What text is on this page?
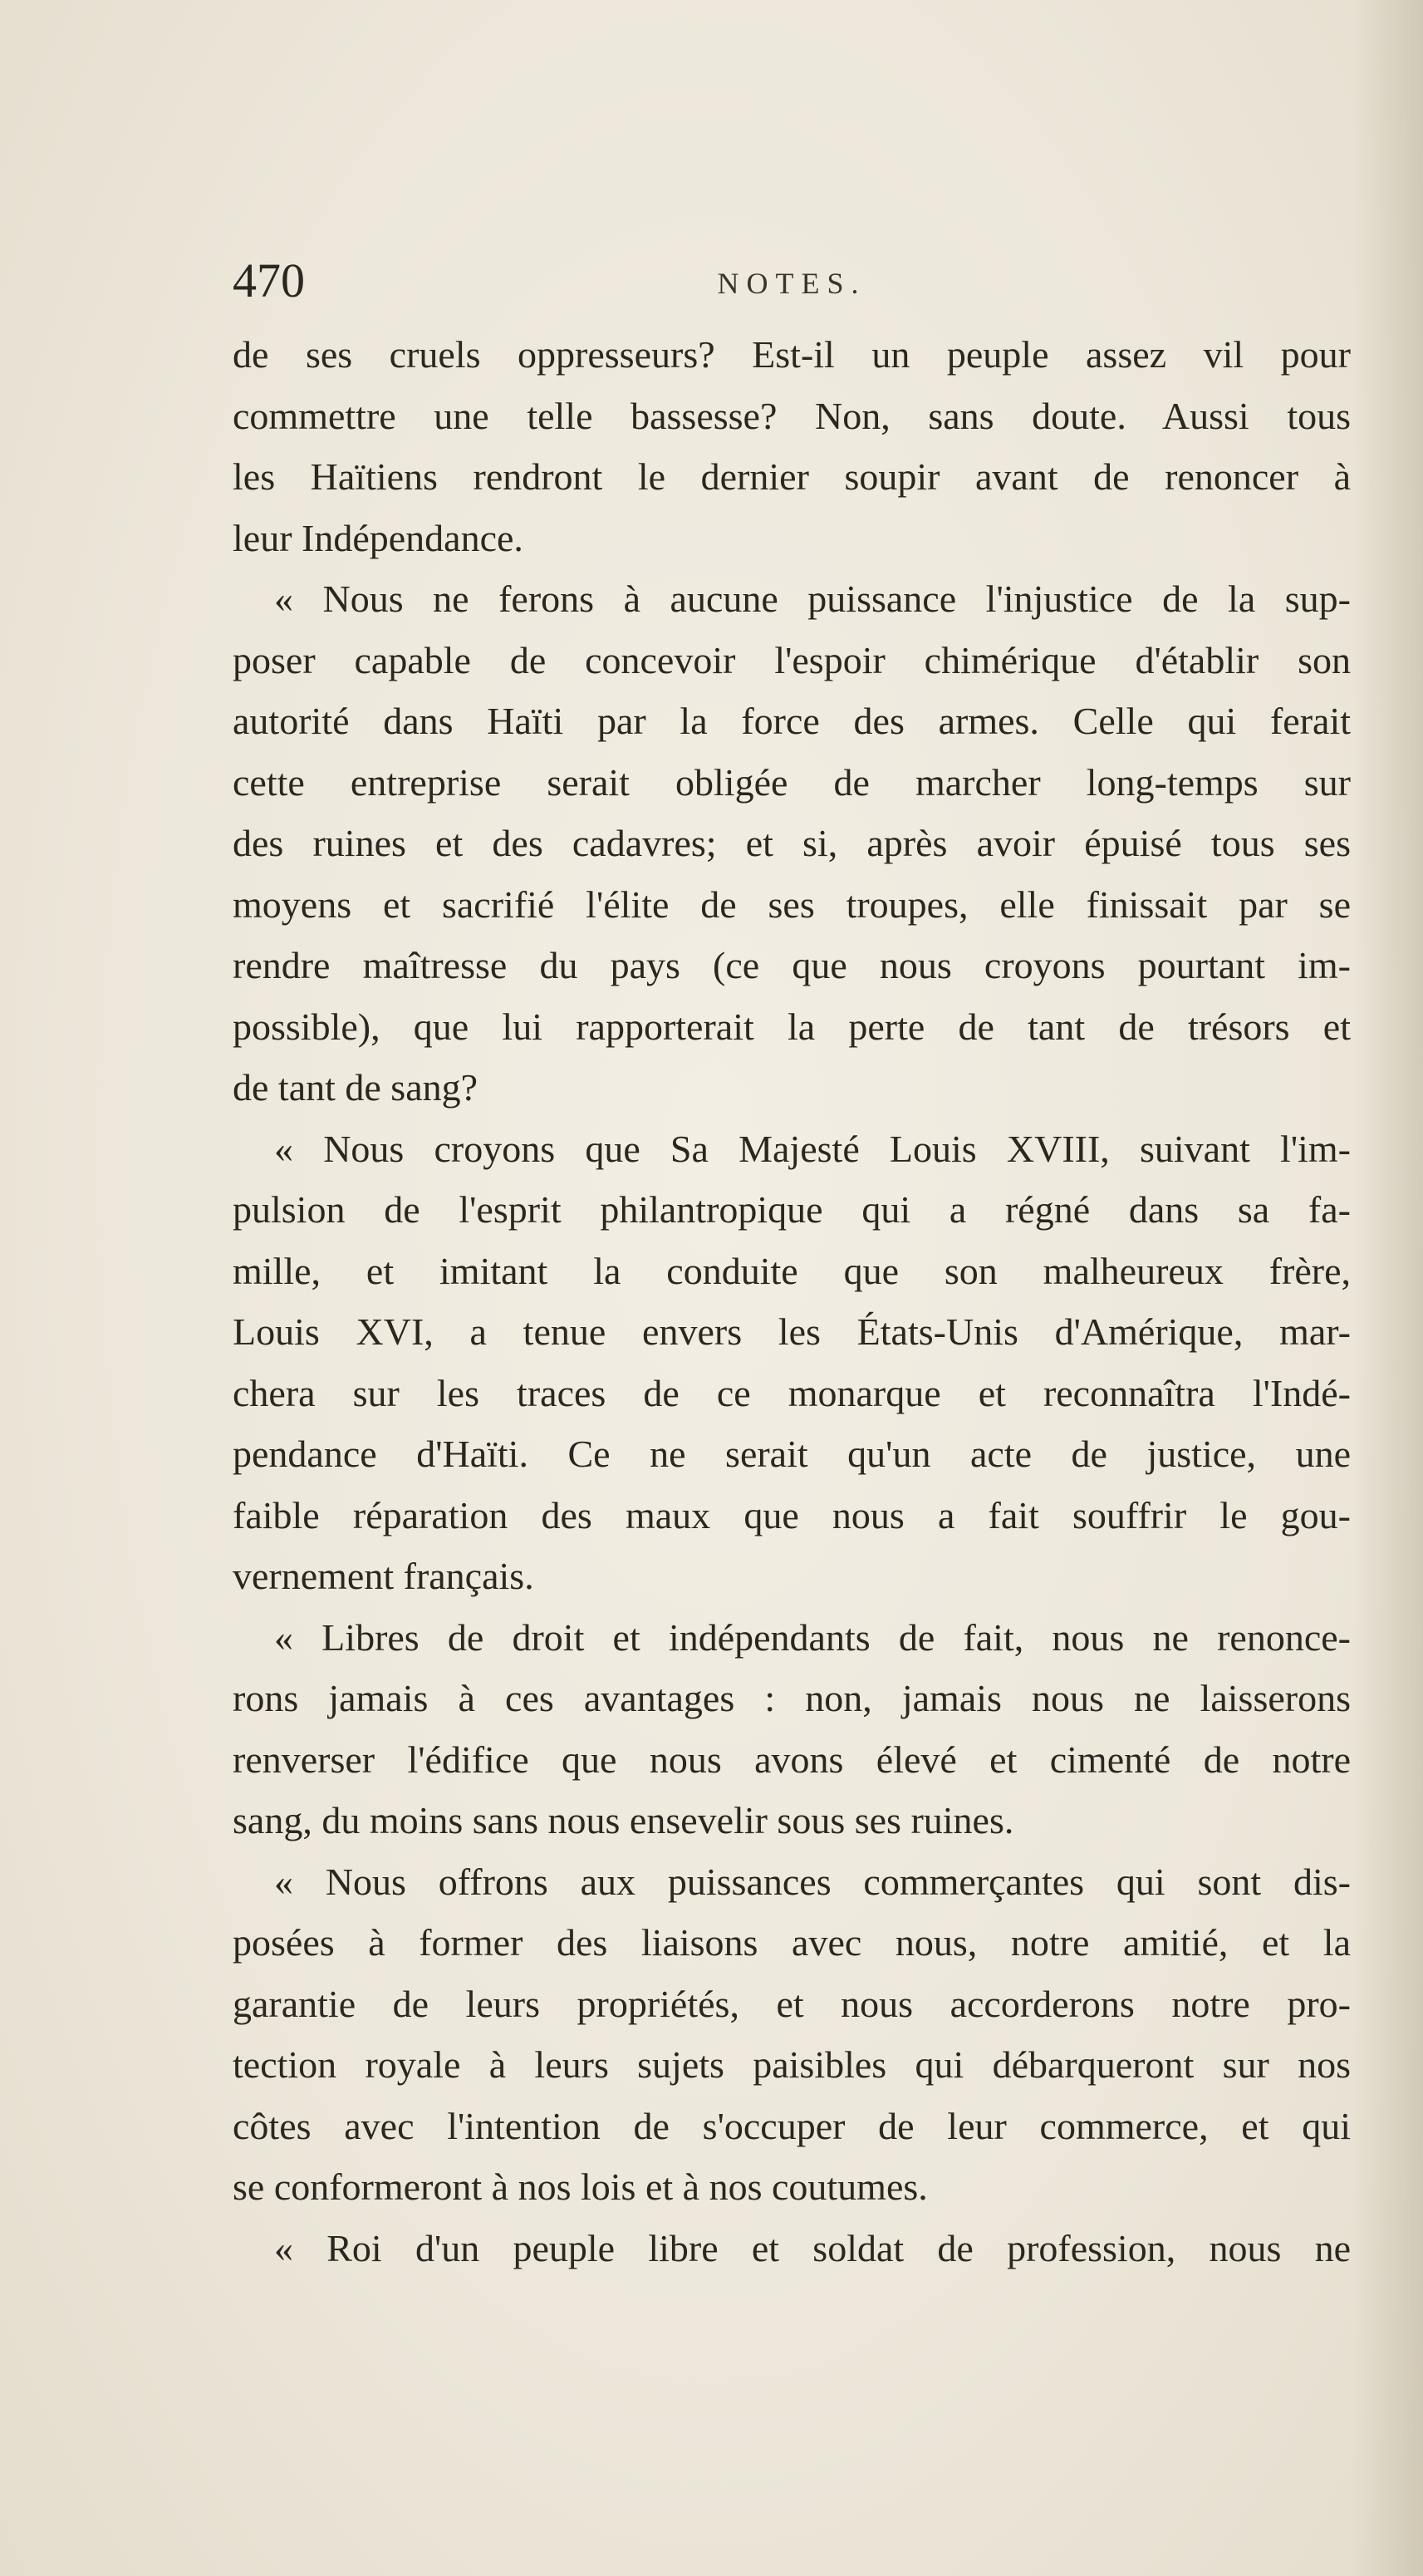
470	NOTES.

de ses cruels oppresseurs? Est-il un peuple assez vil pour
commettre une telle bassesse? Non, sans doute. Aussi tous
les Haïtiens rendront le dernier soupir avant de renoncer à
leur Indépendance.

« Nous ne ferons à aucune puissance l'injustice de la sup-
poser capable de concevoir l'espoir chimérique d'établir son
autorité dans Haïti par la force des armes. Celle qui ferait
cette entreprise serait obligée de marcher long-temps sur
des ruines et des cadavres; et si, après avoir épuisé tous ses
moyens et sacrifié l'élite de ses troupes, elle finissait par se
rendre maîtresse du pays (ce que nous croyons pourtant im-
possible), que lui rapporterait la perte de tant de trésors et
de tant de sang?

« Nous croyons que Sa Majesté Louis XVIII, suivant l'im-
pulsion de l'esprit philantropique qui a régné dans sa fa-
mille, et imitant la conduite que son malheureux frère,
Louis XVI, a tenue envers les États-Unis d'Amérique, mar-
chera sur les traces de ce monarque et reconnaîtra l'Indé-
pendance d'Haïti. Ce ne serait qu'un acte de justice, une
faible réparation des maux que nous a fait souffrir le gou-
vernement français.

« Libres de droit et indépendants de fait, nous ne renonce-
rons jamais à ces avantages : non, jamais nous ne laisserons
renverser l'édifice que nous avons élevé et cimenté de notre
sang, du moins sans nous ensevelir sous ses ruines.

« Nous offrons aux puissances commerçantes qui sont dis-
posées à former des liaisons avec nous, notre amitié, et la
garantie de leurs propriétés, et nous accorderons notre pro-
tection royale à leurs sujets paisibles qui débarqueront sur nos
côtes avec l'intention de s'occuper de leur commerce, et qui
se conformeront à nos lois et à nos coutumes.

« Roi d'un peuple libre et soldat de profession, nous ne
